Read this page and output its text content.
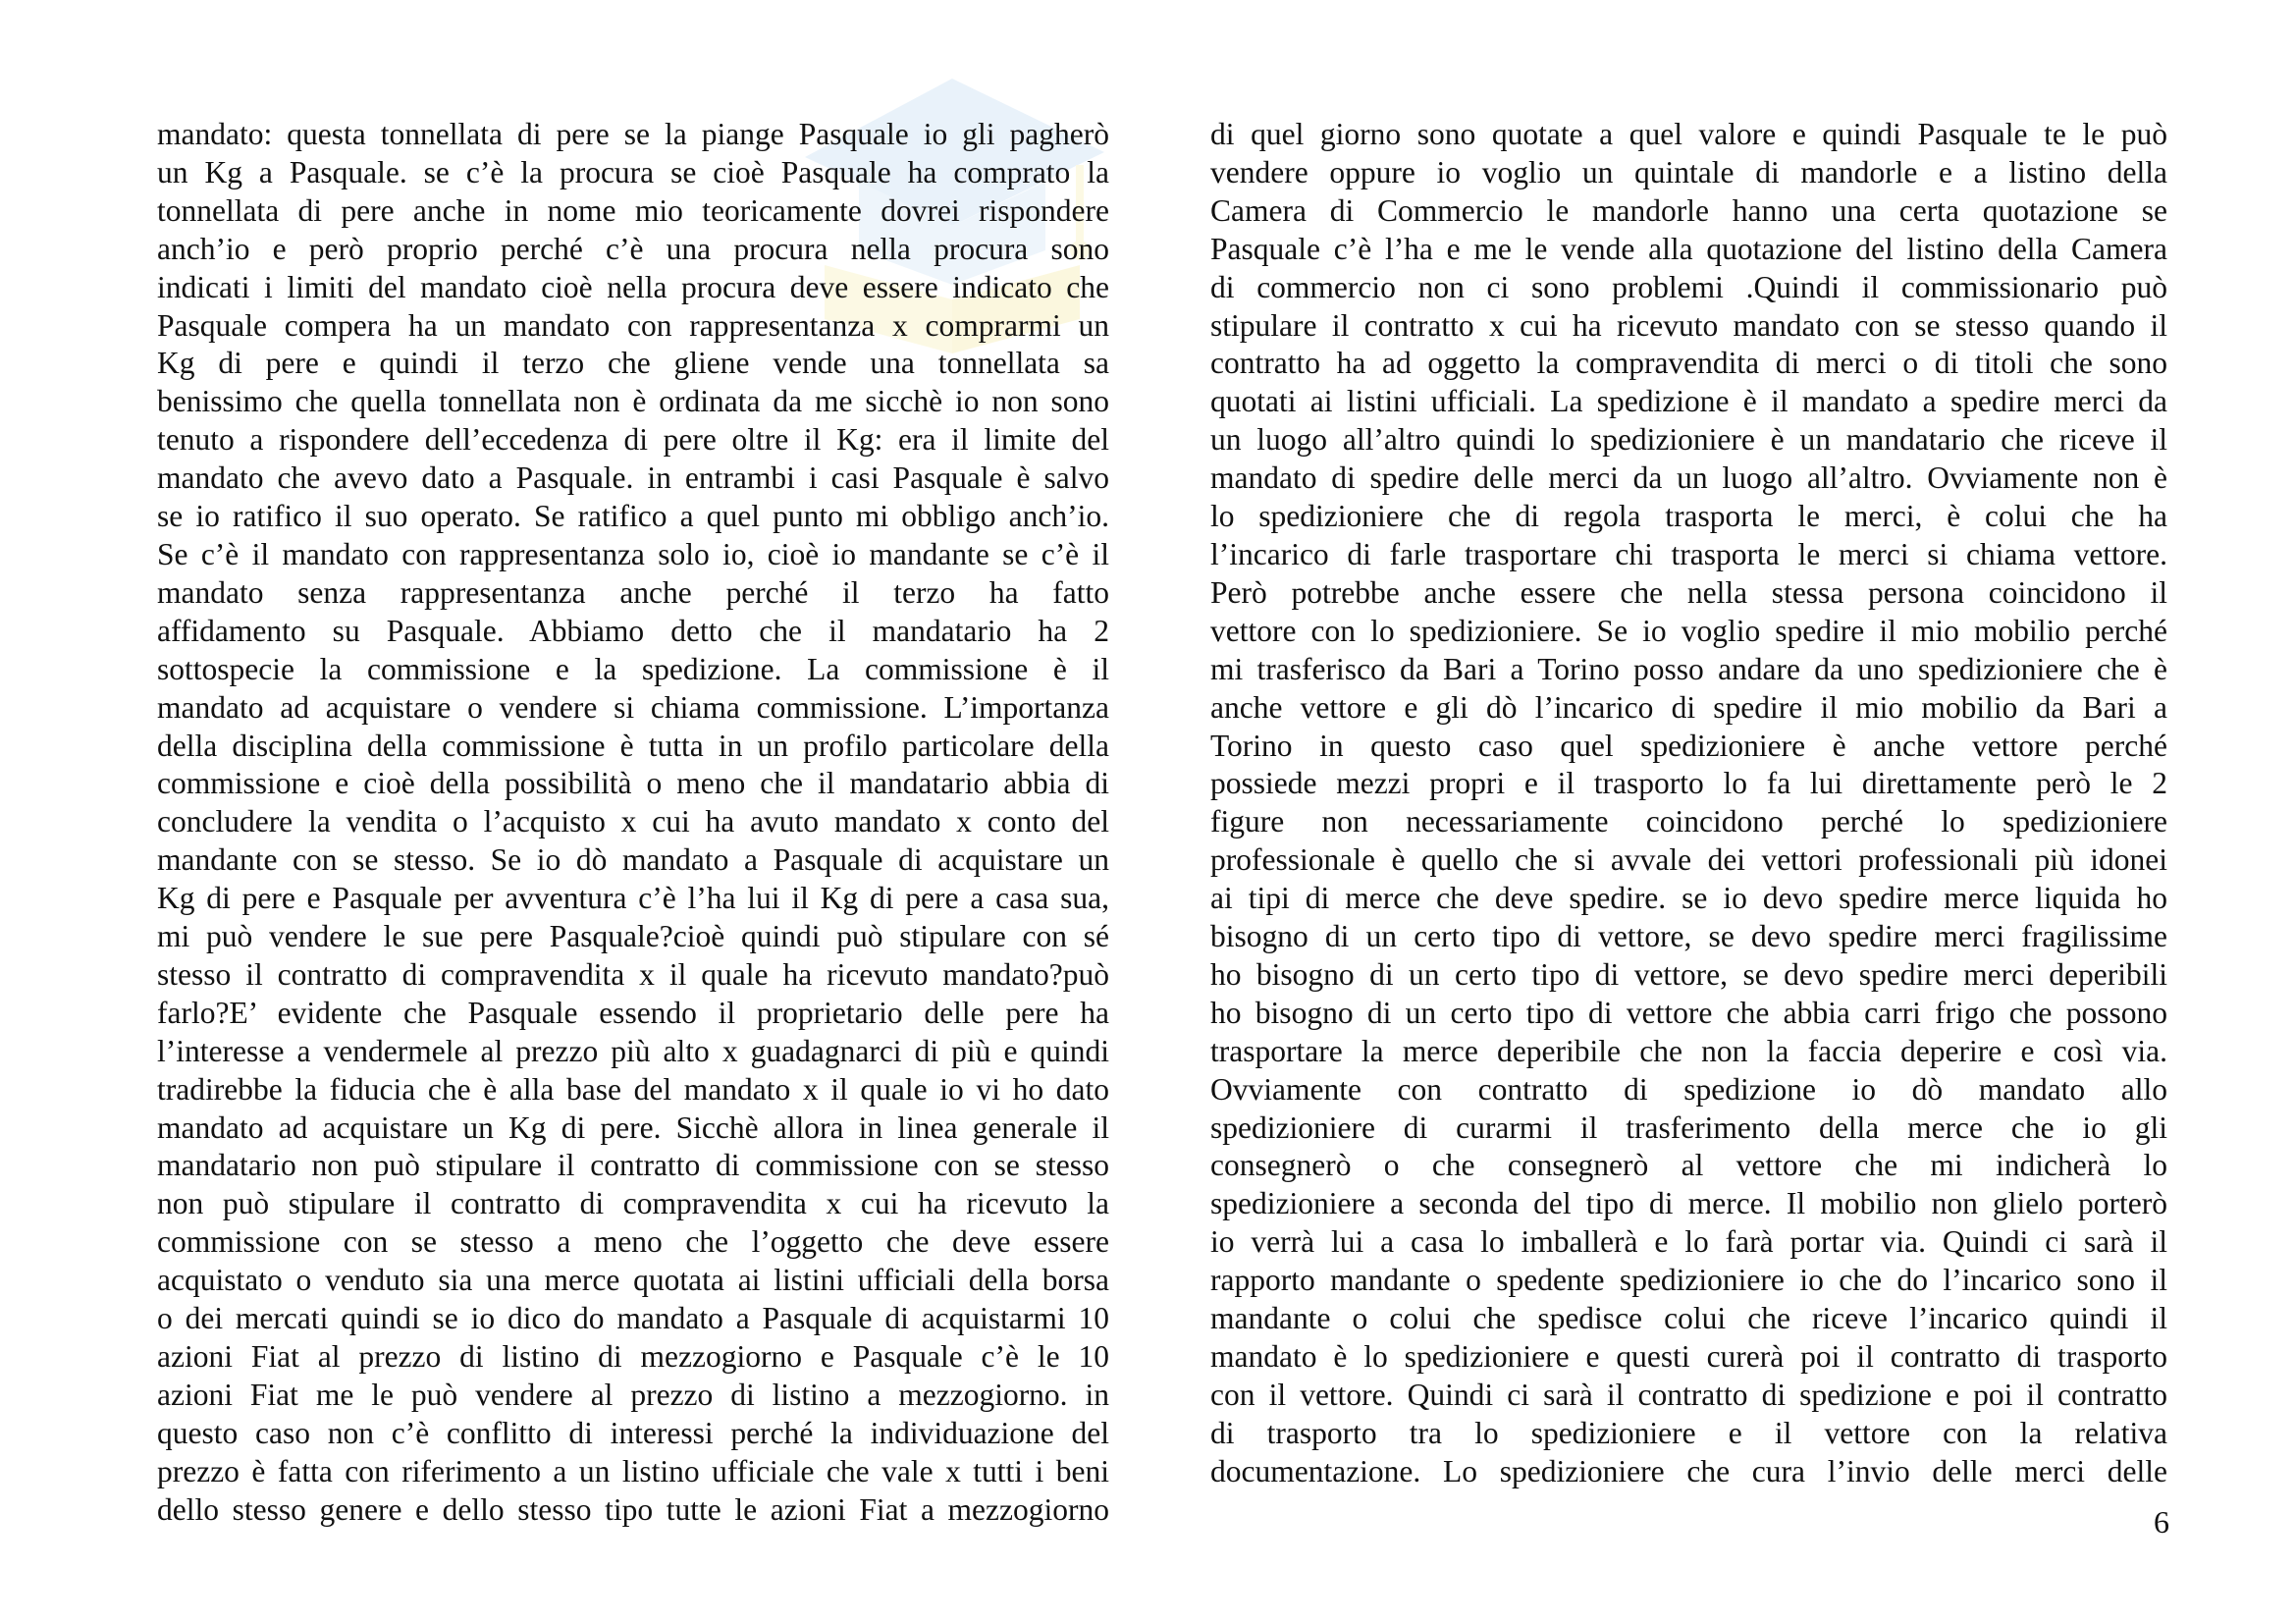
mandato: questa tonnellata di pere se la piange Pasquale io gli pagherò
un Kg a Pasquale. se c’è la procura se cioè Pasquale ha comprato la
tonnellata di pere anche in nome mio teoricamente dovrei rispondere
anch’io e però proprio perché c’è una procura nella procura sono
indicati i limiti del mandato cioè nella procura deve essere indicato che
Pasquale compera ha un mandato con rappresentanza x comprarmi un
Kg di pere e quindi il terzo che gliene vende una tonnellata sa
benissimo che quella tonnellata non è ordinata da me sicchè io non sono
tenuto a rispondere dell’eccedenza di pere oltre il Kg: era il limite del
mandato che avevo dato a Pasquale. in entrambi i casi Pasquale è salvo
se io ratifico il suo operato. Se ratifico a quel punto mi obbligo anch’io.
Se c’è il mandato con rappresentanza solo io, cioè io mandante se c’è il
mandato senza rappresentanza anche perché il terzo ha fatto
affidamento su Pasquale. Abbiamo detto che il mandatario ha 2
sottospecie la commissione e la spedizione. La commissione è il
mandato ad acquistare o vendere si chiama commissione. L’importanza
della disciplina della commissione è tutta in un profilo particolare della
commissione e cioè della possibilità o meno che il mandatario abbia di
concludere la vendita o l’acquisto x cui ha avuto mandato x conto del
mandante con se stesso. Se io dò mandato a Pasquale di acquistare un
Kg di pere e Pasquale per avventura c’è l’ha lui il Kg di pere a casa sua,
mi può vendere le sue pere Pasquale?cioè quindi può stipulare con sé
stesso il contratto di compravendita x il quale ha ricevuto mandato?può
farlo?E’ evidente che Pasquale essendo il proprietario delle pere ha
l’interesse a vendermele al prezzo più alto x guadagnarci di più e quindi
tradirebbe la fiducia che è alla base del mandato x il quale io vi ho dato
mandato ad acquistare un Kg di pere. Sicchè allora in linea generale il
mandatario non può stipulare il contratto di commissione con se stesso
non può stipulare il contratto di compravendita x cui ha ricevuto la
commissione con se stesso a meno che l’oggetto che deve essere
acquistato o venduto sia una merce quotata ai listini ufficiali della borsa
o dei mercati quindi se io dico do mandato a Pasquale di acquistarmi 10
azioni Fiat al prezzo di listino di mezzogiorno e Pasquale c’è le 10
azioni Fiat me le può vendere al prezzo di listino a mezzogiorno. in
questo caso non c’è conflitto di interessi perché la individuazione del
prezzo è fatta con riferimento a un listino ufficiale che vale x tutti i beni
dello stesso genere e dello stesso tipo tutte le azioni Fiat a mezzogiorno
di quel giorno sono quotate a quel valore e quindi Pasquale te le può
vendere oppure io voglio un quintale di mandorle e a listino della
Camera di Commercio le mandorle hanno una certa quotazione se
Pasquale c’è l’ha e me le vende alla quotazione del listino della Camera
di commercio non ci sono problemi .Quindi il commissionario può
stipulare il contratto x cui ha ricevuto mandato con se stesso quando il
contratto ha ad oggetto la compravendita di merci o di titoli che sono
quotati ai listini ufficiali. La spedizione è il mandato a spedire merci da
un luogo all’altro quindi lo spedizioniere è un mandatario che riceve il
mandato di spedire delle merci da un luogo all’altro. Ovviamente non è
lo spedizioniere che di regola trasporta le merci, è colui che ha
l’incarico di farle trasportare chi trasporta le merci si chiama vettore.
Però potrebbe anche essere che nella stessa persona coincidono il
vettore con lo spedizioniere. Se io voglio spedire il mio mobilio perché
mi trasferisco da Bari a Torino posso andare da uno spedizioniere che è
anche vettore e gli dò l’incarico di spedire il mio mobilio da Bari a
Torino in questo caso quel spedizioniere è anche vettore perché
possiede mezzi propri e il trasporto lo fa lui direttamente però le 2
figure non necessariamente coincidono perché lo spedizioniere
professionale è quello che si avvale dei vettori professionali più idonei
ai tipi di merce che deve spedire. se io devo spedire merce liquida ho
bisogno di un certo tipo di vettore, se devo spedire merci fragilissime
ho bisogno di un certo tipo di vettore, se devo spedire merci deperibili
ho bisogno di un certo tipo di vettore che abbia carri frigo che possono
trasportare la merce deperibile che non la faccia deperire e così via.
Ovviamente con contratto di spedizione io dò mandato allo
spedizioniere di curarmi il trasferimento della merce che io gli
consegnerò o che consegnerò al vettore che mi indicherà lo
spedizioniere a seconda del tipo di merce. Il mobilio non glielo porterò
io verrà lui a casa lo imballerà e lo farà portar via. Quindi ci sarà il
rapporto mandante o spedente spedizioniere io che do l’incarico sono il
mandante o colui che spedisce colui che riceve l’incarico quindi il
mandato è lo spedizioniere e questi curerà poi il contratto di trasporto
con il vettore. Quindi ci sarà il contratto di spedizione e poi il contratto
di trasporto tra lo spedizioniere e il vettore con la relativa
documentazione. Lo spedizioniere che cura l’invio delle merci delle
6
